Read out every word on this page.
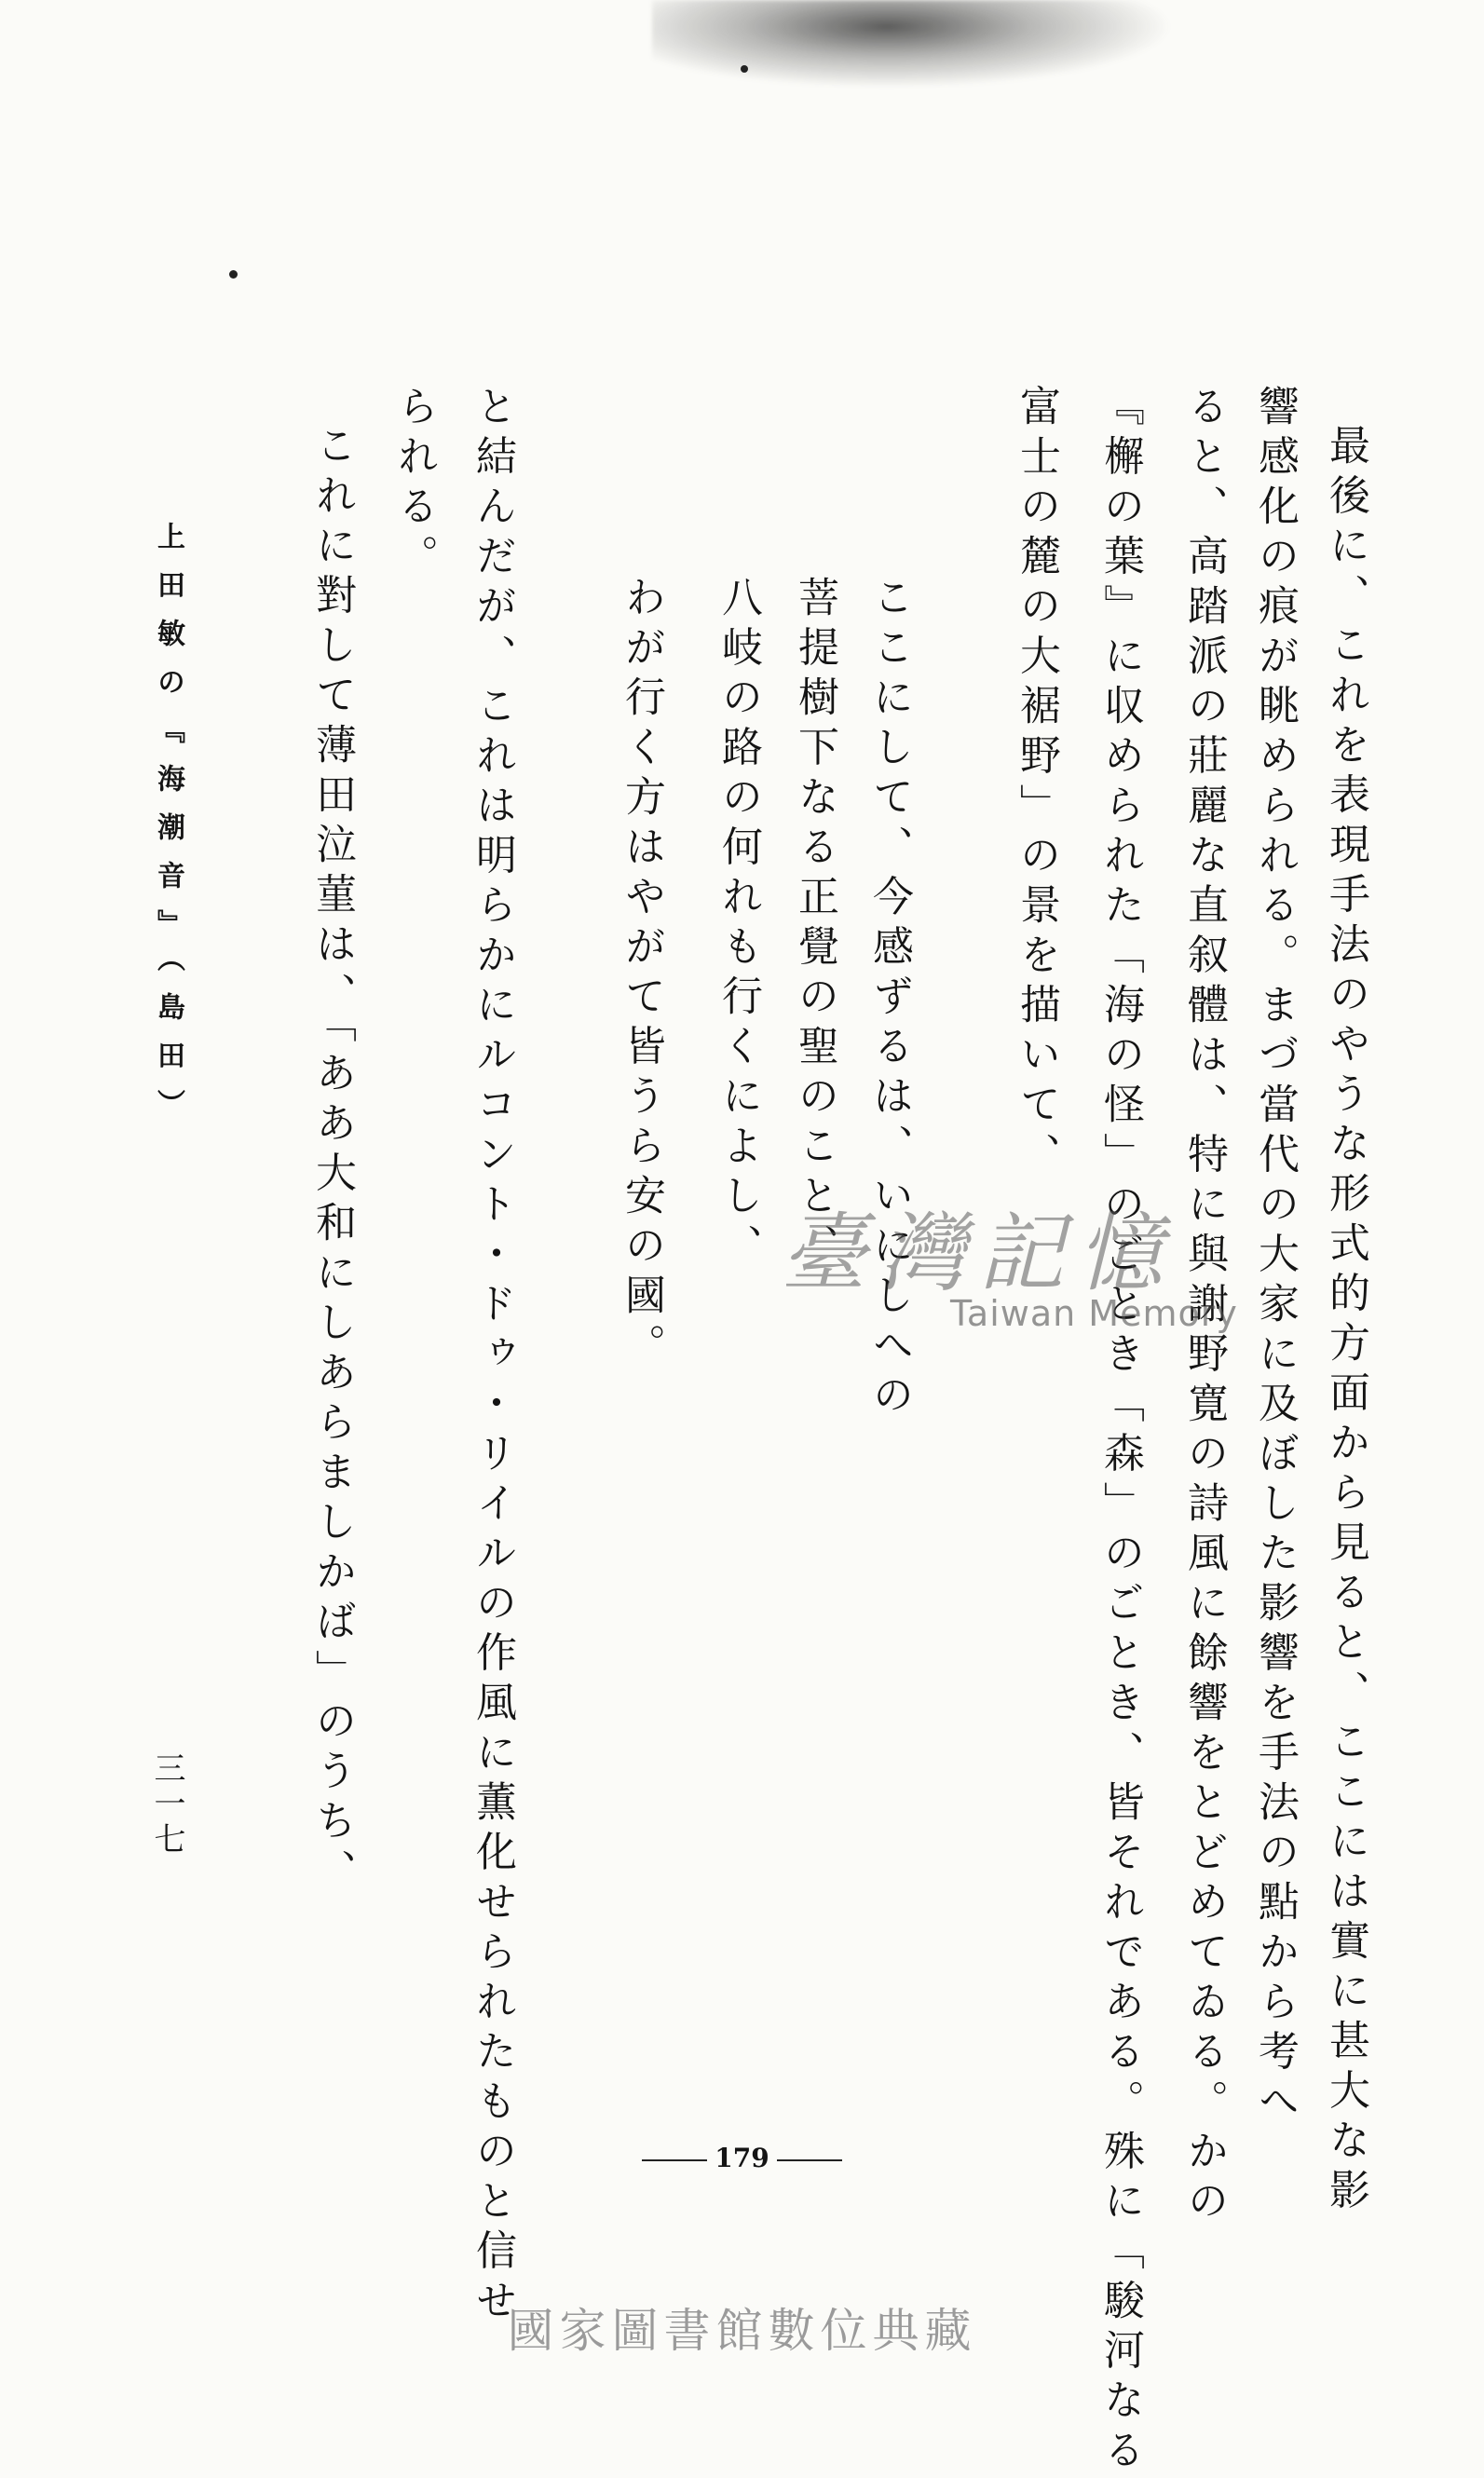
最後に、これを表現手法のやうな形式的方面から見ると、ここには實に甚大な影
響感化の痕が眺められる。まづ當代の大家に及ぼした影響を手法の點から考へ
ると、高踏派の莊麗な直叙體は、特に與謝野寛の詩風に餘響をとどめてゐる。かの
『檞の葉』に収められた「海の怪」のごとき「森」のごとき、皆それである。殊に「駿河なる
富士の麓の大裾野」の景を描いて、
ここにして、今感ずるは、いにしへの
菩提樹下なる正覺の聖のこと、
八岐の路の何れも行くによし、
わが行く方はやがて皆うら安の國。
と結んだが、これは明らかにルコント・ドゥ・リイルの作風に薫化せられたものと信せ
られる。
これに對して薄田泣菫は、「ああ大和にしあらましかば」のうち、
上田敏の『海潮音』（島田）
三一七
臺灣記憶
Taiwan Memory
179
國家圖書館數位典藏
